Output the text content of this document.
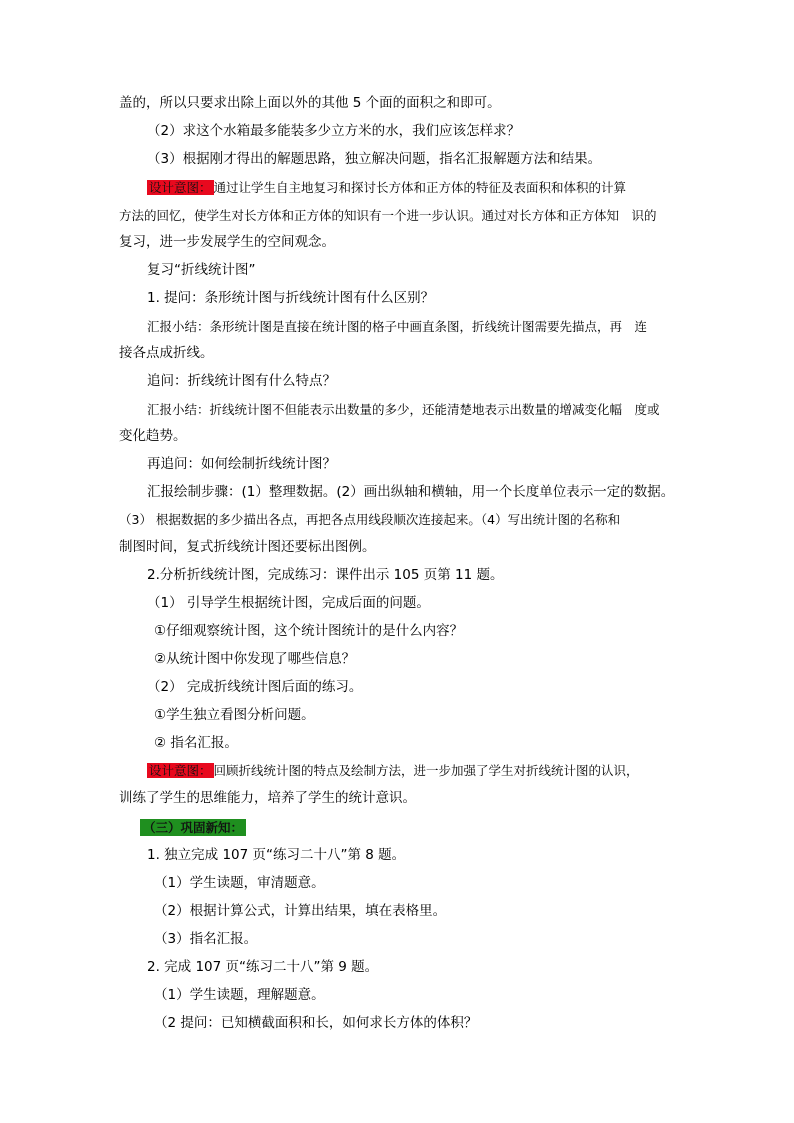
盖的，所以只要求出除上面以外的其他 5 个面的面积之和即可。
（2）求这个水箱最多能装多少立方米的水，我们应该怎样求？
（3）根据刚才得出的解题思路，独立解决问题，指名汇报解题方法和结果。
设计意图： 通过让学生自主地复习和探讨长方体和正方体的特征及表面积和体积的计算
方法的回忆，使学生对长方体和正方体的知识有一个进一步认识。通过对长方体和正方体知　识的
复习，进一步发展学生的空间观念。
复习“折线统计图”
1. 提问：条形统计图与折线统计图有什么区别？
汇报小结：条形统计图是直接在统计图的格子中画直条图，折线统计图需要先描点，再　连
接各点成折线。
追问：折线统计图有什么特点？
汇报小结：折线统计图不但能表示出数量的多少，还能清楚地表示出数量的增减变化幅　度或
变化趋势。
再追问：如何绘制折线统计图？
汇报绘制步骤：(1）整理数据。(2）画出纵轴和横轴，用一个长度单位表示一定的数据。
（3） 根据数据的多少描出各点，再把各点用线段顺次连接起来。（4）写出统计图的名称和
制图时间，复式折线统计图还要标出图例。
2.分析折线统计图，完成练习：课件出示 105 页第 11 题。
（1） 引导学生根据统计图，完成后面的问题。
①仔细观察统计图，这个统计图统计的是什么内容？
②从统计图中你发现了哪些信息？
（2） 完成折线统计图后面的练习。
①学生独立看图分析问题。
② 指名汇报。
设计意图： 回顾折线统计图的特点及绘制方法，进一步加强了学生对折线统计图的认识，
训练了学生的思维能力，培养了学生的统计意识。
（三）巩固新知：
1. 独立完成 107 页“练习二十八”第 8 题。
（1）学生读题，审清题意。
（2）根据计算公式，计算出结果，填在表格里。
（3）指名汇报。
2. 完成 107 页“练习二十八”第 9 题。
（1）学生读题，理解题意。
（2 提问：已知横截面积和长，如何求长方体的体积？
